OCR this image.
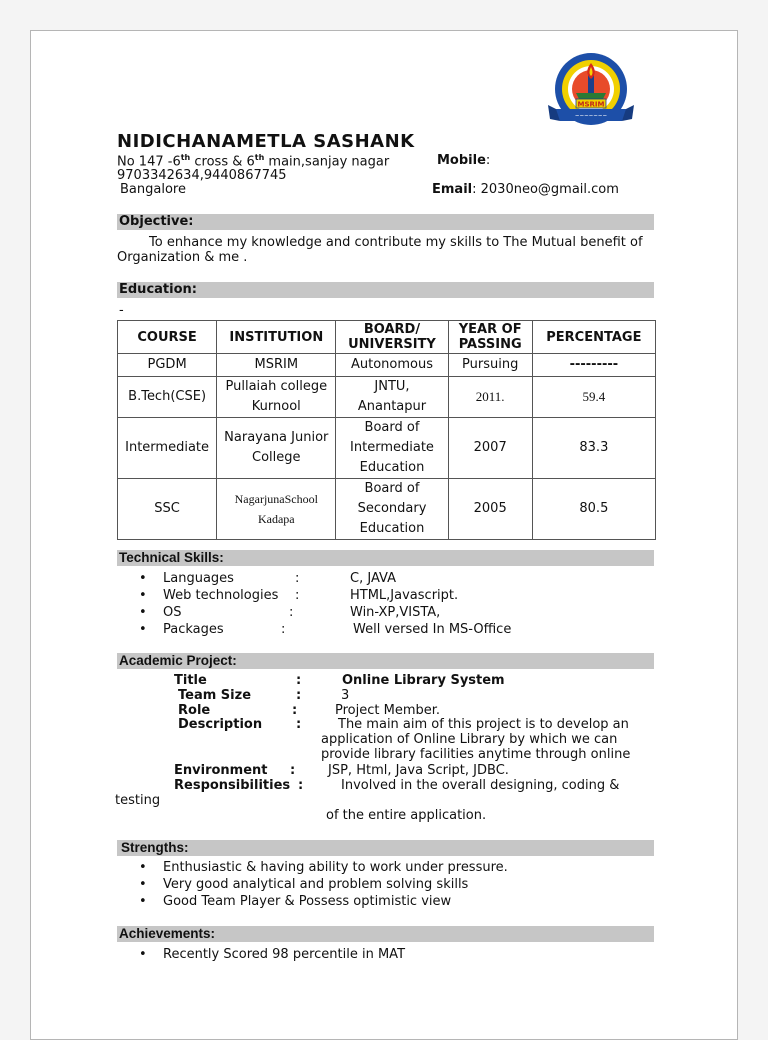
MSRIM
~~~~~~~
NIDICHANAMETLA SASHANK
No 147 -6th cross & 6th main,sanjay nagar	Mobile:
9703342634,9440867745
Bangalore	Email: 2030neo@gmail.com
Objective:
To enhance my knowledge and contribute my skills to The Mutual benefit of
Organization & me .
Education:
-
COURSE	INSTITUTION	BOARD/ UNIVERSITY	YEAR OF PASSING	PERCENTAGE
PGDM	MSRIM	Autonomous	Pursuing	---------
B.Tech(CSE)	Pullaiah college Kurnool	JNTU, Anantapur	2011.	59.4
Intermediate	Narayana Junior College	Board of Intermediate Education	2007	83.3
SSC	NagarjunaSchool Kadapa	Board of Secondary Education	2005	80.5
Technical Skills:
• Languages	:	C, JAVA
• Web technologies :	HTML,Javascript.
• OS	:	Win-XP,VISTA,
• Packages	:	Well versed In MS-Office
Academic Project:
Title	:	Online Library System
Team Size	:	3
Role	:	Project Member.
Description	:	The main aim of this project is to develop an
application of Online Library by which we can
provide library facilities anytime through online
Environment :	JSP, Html, Java Script, JDBC.
Responsibilities :	Involved in the overall designing, coding &
testing
of the entire application.
Strengths:
• Enthusiastic & having ability to work under pressure.
• Very good analytical and problem solving skills
• Good Team Player & Possess optimistic view
Achievements:
• Recently Scored 98 percentile in MAT
